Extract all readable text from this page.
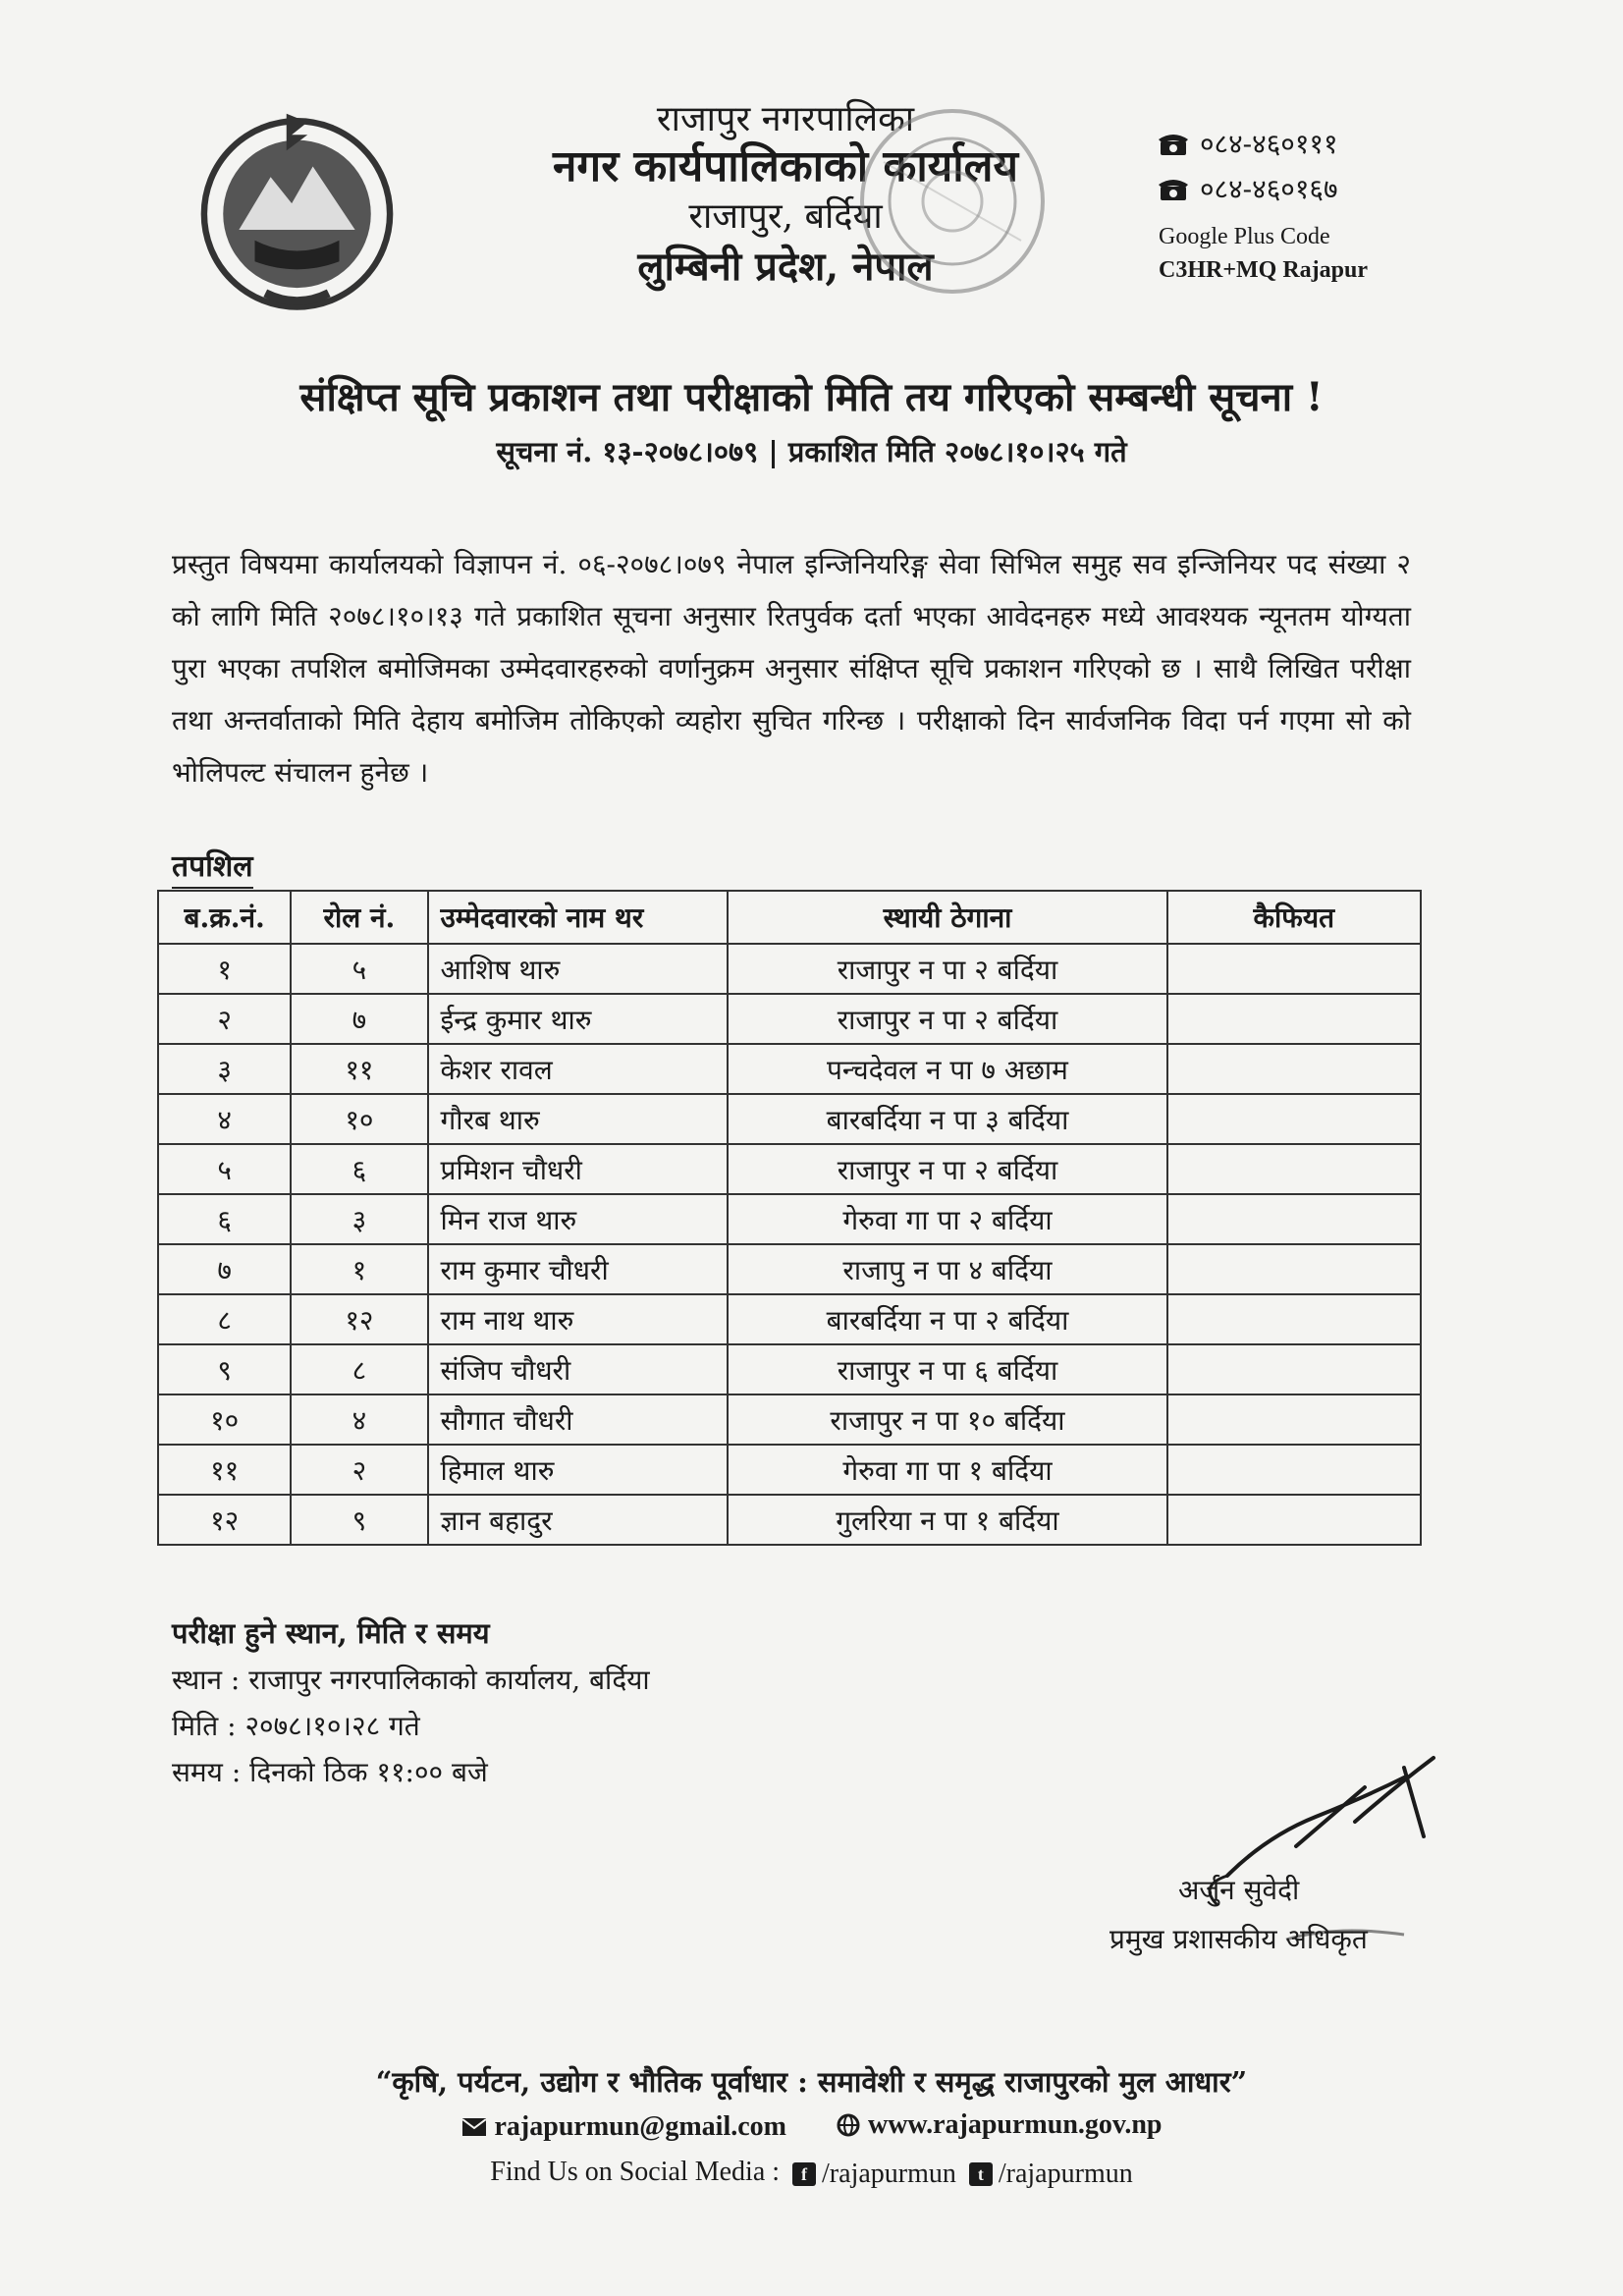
राजापुर नगरपालिका
नगर कार्यपालिकाको कार्यालय
राजापुर, बर्दिया
लुम्बिनी प्रदेश, नेपाल
०८४-४६०१११
०८४-४६०१६७
Google Plus Code
C3HR+MQ Rajapur
संक्षिप्त सूचि प्रकाशन तथा परीक्षाको मिति तय गरिएको सम्बन्धी सूचना !
सूचना नं. १३-२०७८।०७९ | प्रकाशित मिति २०७८।१०।२५ गते
प्रस्तुत विषयमा कार्यालयको विज्ञापन नं. ०६-२०७८।०७९ नेपाल इन्जिनियरिङ्ग सेवा सिभिल समुह सव इन्जिनियर पद संख्या २ को लागि मिति २०७८।१०।१३ गते प्रकाशित सूचना अनुसार रितपुर्वक दर्ता भएका आवेदनहरु मध्ये आवश्यक न्यूनतम योग्यता पुरा भएका तपशिल बमोजिमका उम्मेदवारहरुको वर्णानुक्रम अनुसार संक्षिप्त सूचि प्रकाशन गरिएको छ । साथै लिखित परीक्षा तथा अन्तर्वाताको मिति देहाय बमोजिम तोकिएको व्यहोरा सुचित गरिन्छ । परीक्षाको दिन सार्वजनिक विदा पर्न गएमा सो को भोलिपल्ट संचालन हुनेछ ।
तपशिल
ब.क्र.नं.	रोल नं.	उम्मेदवारको नाम थर	स्थायी ठेगाना	कैफियत
१	५	आशिष थारु	राजापुर न पा २ बर्दिया	
२	७	ईन्द्र कुमार थारु	राजापुर न पा २ बर्दिया	
३	११	केशर रावल	पन्चदेवल न पा ७ अछाम	
४	१०	गौरब थारु	बारबर्दिया न पा ३ बर्दिया	
५	६	प्रमिशन चौधरी	राजापुर न पा २ बर्दिया	
६	३	मिन राज थारु	गेरुवा गा पा २ बर्दिया	
७	१	राम कुमार चौधरी	राजापु न पा ४ बर्दिया	
८	१२	राम नाथ थारु	बारबर्दिया न पा २ बर्दिया	
९	८	संजिप चौधरी	राजापुर न पा ६ बर्दिया	
१०	४	सौगात चौधरी	राजापुर न पा १० बर्दिया	
११	२	हिमाल थारु	गेरुवा गा पा १ बर्दिया	
१२	९	ज्ञान बहादुर	गुलरिया न पा १ बर्दिया	
परीक्षा हुने स्थान, मिति र समय
स्थान : राजापुर नगरपालिकाको कार्यालय, बर्दिया
मिति : २०७८।१०।२८ गते
समय : दिनको ठिक ११:०० बजे
अर्जुन सुवेदी
प्रमुख प्रशासकीय अधिकृत
“कृषि, पर्यटन, उद्योग र भौतिक पूर्वाधार : समावेशी र समृद्ध राजापुरको मुल आधार”
rajapurmun@gmail.com
	www.rajapurmun.gov.np
Find Us on Social Media :	f /rajapurmun
	t /rajapurmun
